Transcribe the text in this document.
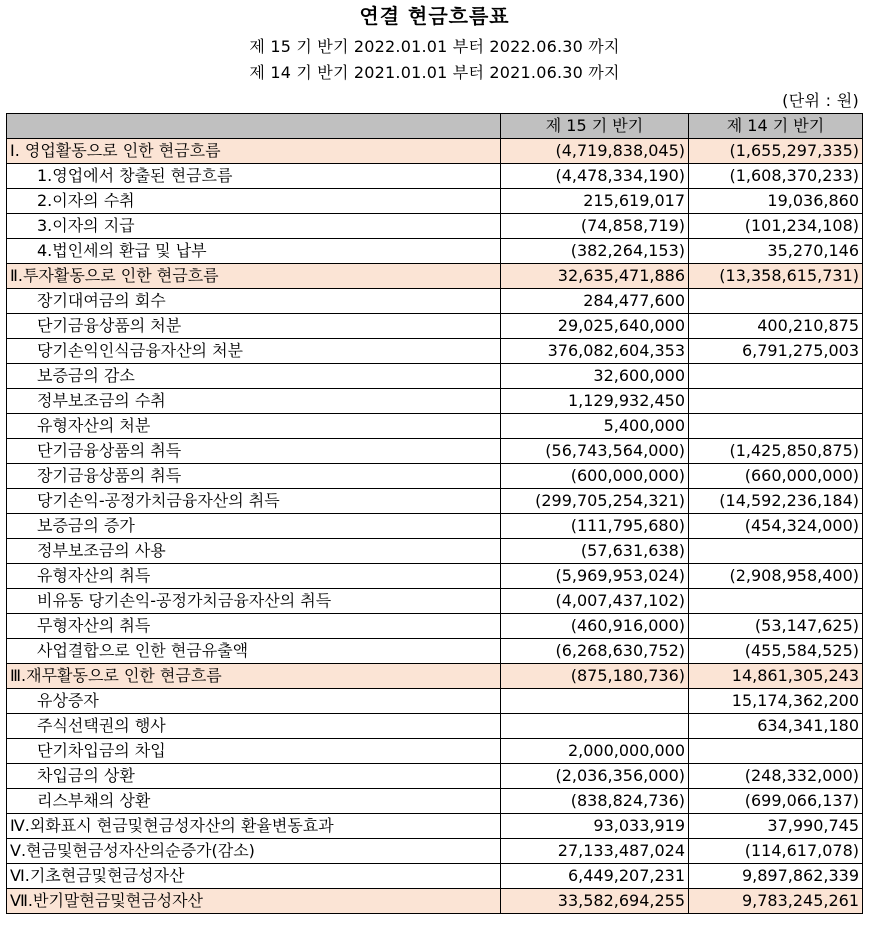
연결 현금흐름표
제 15 기 반기 2022.01.01 부터 2022.06.30 까지
제 14 기 반기 2021.01.01 부터 2021.06.30 까지
(단위 : 원)
	제 15 기 반기	제 14 기 반기
Ⅰ. 영업활동으로 인한 현금흐름	(4,719,838,045)	(1,655,297,335)
1.영업에서 창출된 현금흐름	(4,478,334,190)	(1,608,370,233)
2.이자의 수취	215,619,017	19,036,860
3.이자의 지급	(74,858,719)	(101,234,108)
4.법인세의 환급 및 납부	(382,264,153)	35,270,146
Ⅱ.투자활동으로 인한 현금흐름	32,635,471,886	(13,358,615,731)
장기대여금의 회수	284,477,600	
단기금융상품의 처분	29,025,640,000	400,210,875
당기손익인식금융자산의 처분	376,082,604,353	6,791,275,003
보증금의 감소	32,600,000	
정부보조금의 수취	1,129,932,450	
유형자산의 처분	5,400,000	
단기금융상품의 취득	(56,743,564,000)	(1,425,850,875)
장기금융상품의 취득	(600,000,000)	(660,000,000)
당기손익-공정가치금융자산의 취득	(299,705,254,321)	(14,592,236,184)
보증금의 증가	(111,795,680)	(454,324,000)
정부보조금의 사용	(57,631,638)	
유형자산의 취득	(5,969,953,024)	(2,908,958,400)
비유동 당기손익-공정가치금융자산의 취득	(4,007,437,102)	
무형자산의 취득	(460,916,000)	(53,147,625)
사업결합으로 인한 현금유출액	(6,268,630,752)	(455,584,525)
Ⅲ.재무활동으로 인한 현금흐름	(875,180,736)	14,861,305,243
유상증자		15,174,362,200
주식선택권의 행사		634,341,180
단기차입금의 차입	2,000,000,000	
차입금의 상환	(2,036,356,000)	(248,332,000)
리스부채의 상환	(838,824,736)	(699,066,137)
Ⅳ.외화표시 현금및현금성자산의 환율변동효과	93,033,919	37,990,745
Ⅴ.현금및현금성자산의순증가(감소)	27,133,487,024	(114,617,078)
Ⅵ.기초현금및현금성자산	6,449,207,231	9,897,862,339
Ⅶ.반기말현금및현금성자산	33,582,694,255	9,783,245,261
